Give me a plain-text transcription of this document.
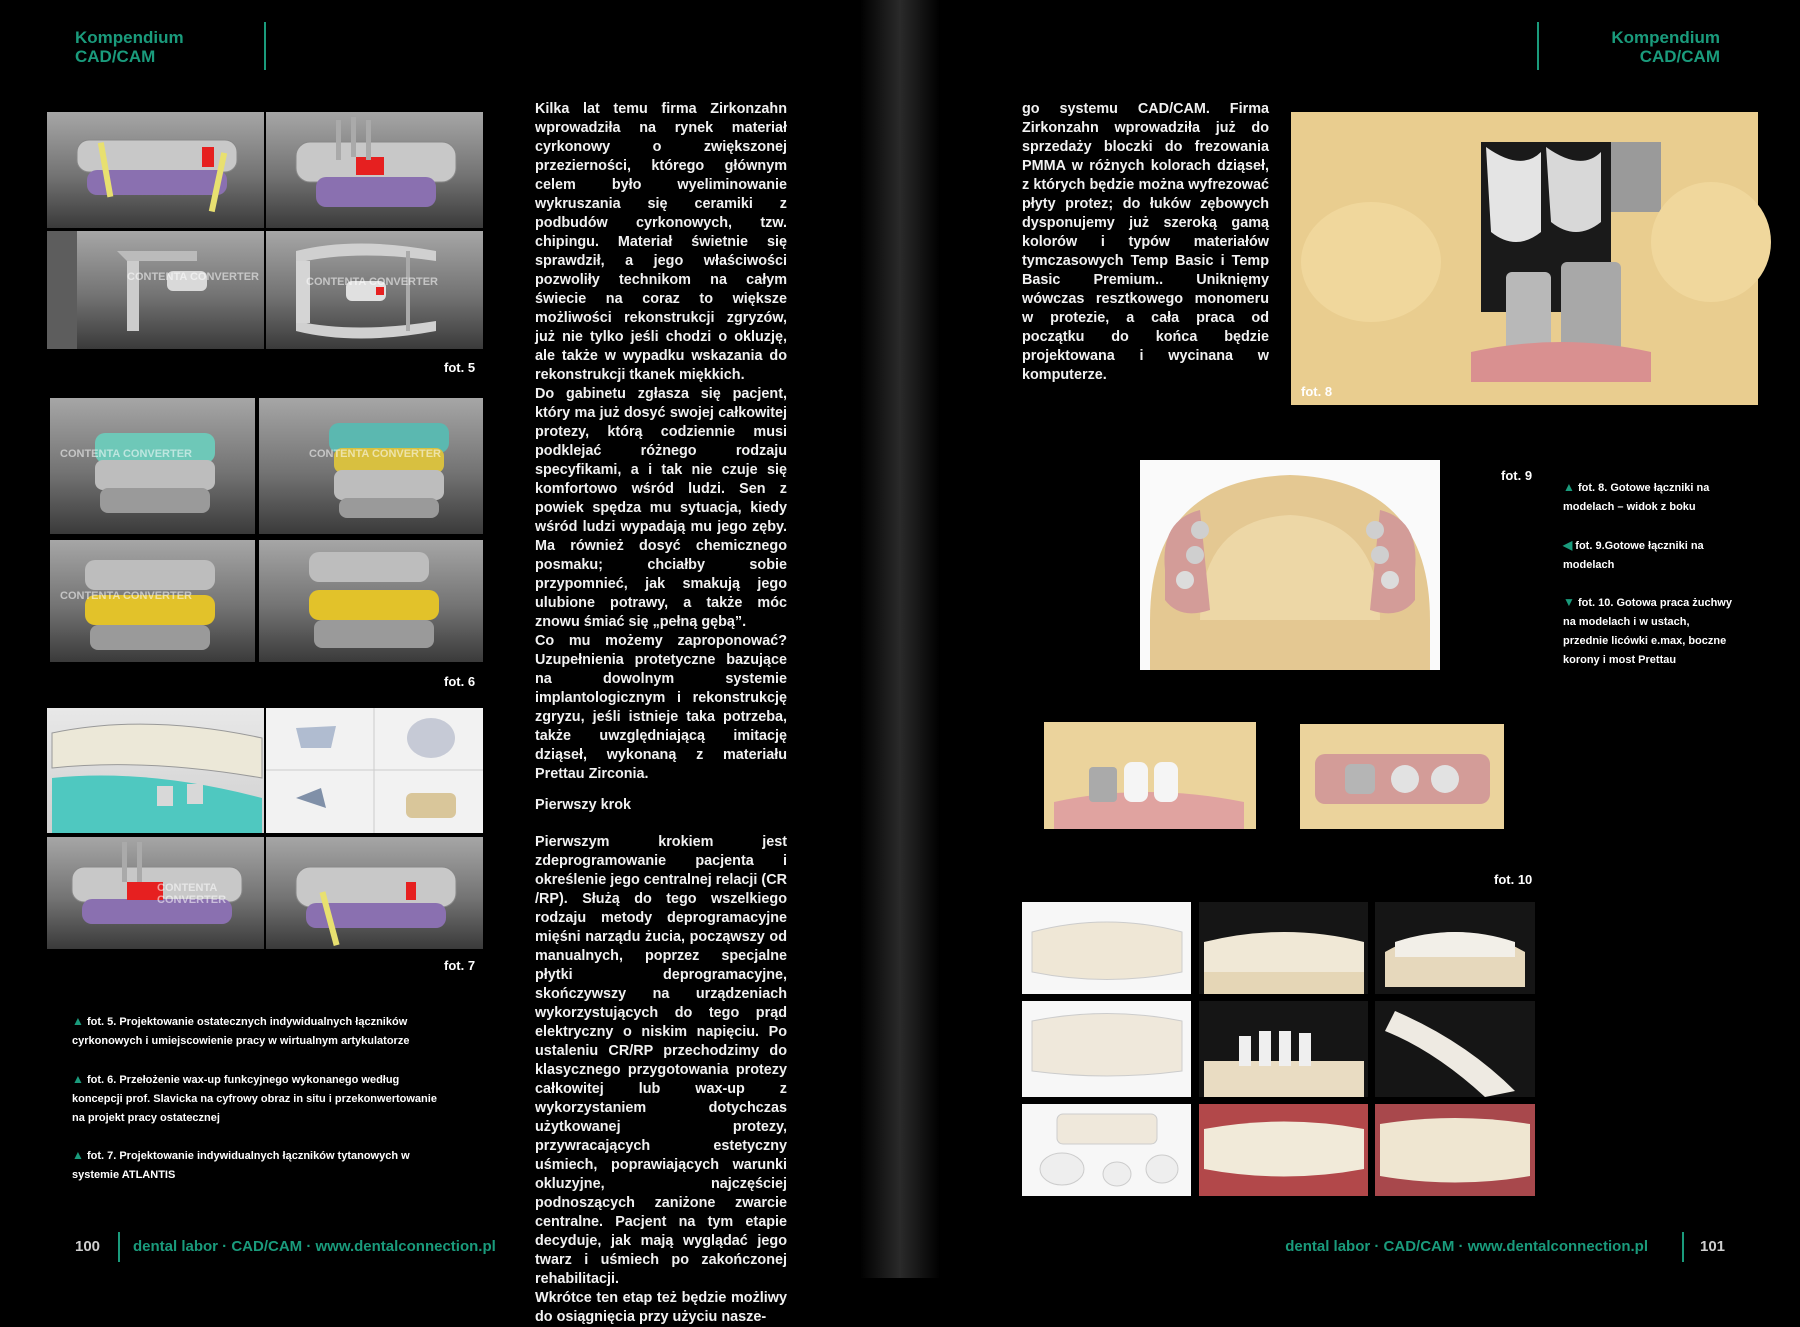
Kompendium
CAD/CAM
CONTENTA CONVERTER	CONTENTA CONVERTER
fot. 5
CONTENTA CONVERTER	CONTENTA CONVERTER
CONTENTA CONVERTER
fot. 6
CONTENTA CONVERTER
fot. 7
▲ fot. 5. Projektowanie ostatecznych indywidualnych łączników cyrkonowych i umiejscowienie pracy w wirtualnym artykulatorze
▲ fot. 6. Przełożenie wax-up funkcyjnego wykonanego według koncepcji prof. Slavicka na cyfrowy obraz in situ i przekonwertowanie na projekt pracy ostatecznej
▲ fot. 7. Projektowanie indywidualnych łączników tytanowych w systemie ATLANTIS

Kilka lat temu firma Zirkonzahn wprowadziła na rynek materiał cyrkonowy o zwiększonej przezierności, którego głównym celem było wyeliminowanie wykruszania się ceramiki z podbudów cyrkonowych, tzw. chipingu. Materiał świetnie się sprawdził, a jego właściwości pozwoliły technikom na całym świecie na coraz to większe możliwości rekonstrukcji zgryzów, już nie tylko jeśli chodzi o okluzję, ale także w wypadku wskazania do rekonstrukcji tkanek miękkich.

Do gabinetu zgłasza się pacjent, który ma już dosyć swojej całkowitej protezy, którą codziennie musi podklejać różnego rodzaju specyfikami, a i tak nie czuje się komfortowo wśród ludzi. Sen z powiek spędza mu sytuacja, kiedy wśród ludzi wypadają mu jego zęby. Ma również dosyć chemicznego posmaku; chciałby sobie przypomnieć, jak smakują jego ulubione potrawy, a także móc znowu śmiać się „pełną gębą”.

Co mu możemy zaproponować? Uzupełnienia protetyczne bazujące na dowolnym systemie implantologicznym i rekonstrukcję zgryzu, jeśli istnieje taka potrzeba, także uwzględniającą imitację dziąseł, wykonaną z materiału Prettau Zirconia.

Pierwszy krok

Pierwszym krokiem jest zdeprogramowanie pacjenta i określenie jego centralnej relacji (CR /RP). Służą do tego wszelkiego rodzaju metody deprogramacyjne mięśni narządu żucia, począwszy od manualnych, poprzez specjalne płytki deprogramacyjne, skończywszy na urządzeniach wykorzystujących do tego prąd elektryczny o niskim napięciu. Po ustaleniu CR/RP przechodzimy do klasycznego przygotowania protezy całkowitej lub wax-up z wykorzystaniem dotychczas użytkowanej protezy, przywracających estetyczny uśmiech, poprawiających warunki okluzyjne, najczęściej podnoszących zaniżone zwarcie centralne. Pacjent na tym etapie decyduje, jak mają wyglądać jego twarz i uśmiech po zakończonej rehabilitacji.

Wkrótce ten etap też będzie możliwy do osiągnięcia przy użyciu nasze-

100 dental labor · CAD/CAM · www.dentalconnection.pl
Kompendium
CAD/CAM

go systemu CAD/CAM. Firma Zirkonzahn wprowadziła już do sprzedaży bloczki do frezowania PMMA w różnych kolorach dziąseł, z których będzie można wyfrezować płyty protez; do łuków zębowych dysponujemy już szeroką gamą kolorów i typów materiałów tymczasowych Temp Basic i Temp Basic Premium.. Uniknięmy wówczas resztkowego monomeru w protezie, a cała praca od początku do końca będzie projektowana i wycinana w komputerze.

fot. 8
fot. 9
▲ fot. 8. Gotowe łączniki na modelach – widok z boku
◀ fot. 9.Gotowe łączniki na modelach
▼ fot. 10. Gotowa praca żuchwy na modelach i w ustach, przednie licówki e.max, boczne korony i most Prettau
fot. 10
dental labor · CAD/CAM · www.dentalconnection.pl	101
